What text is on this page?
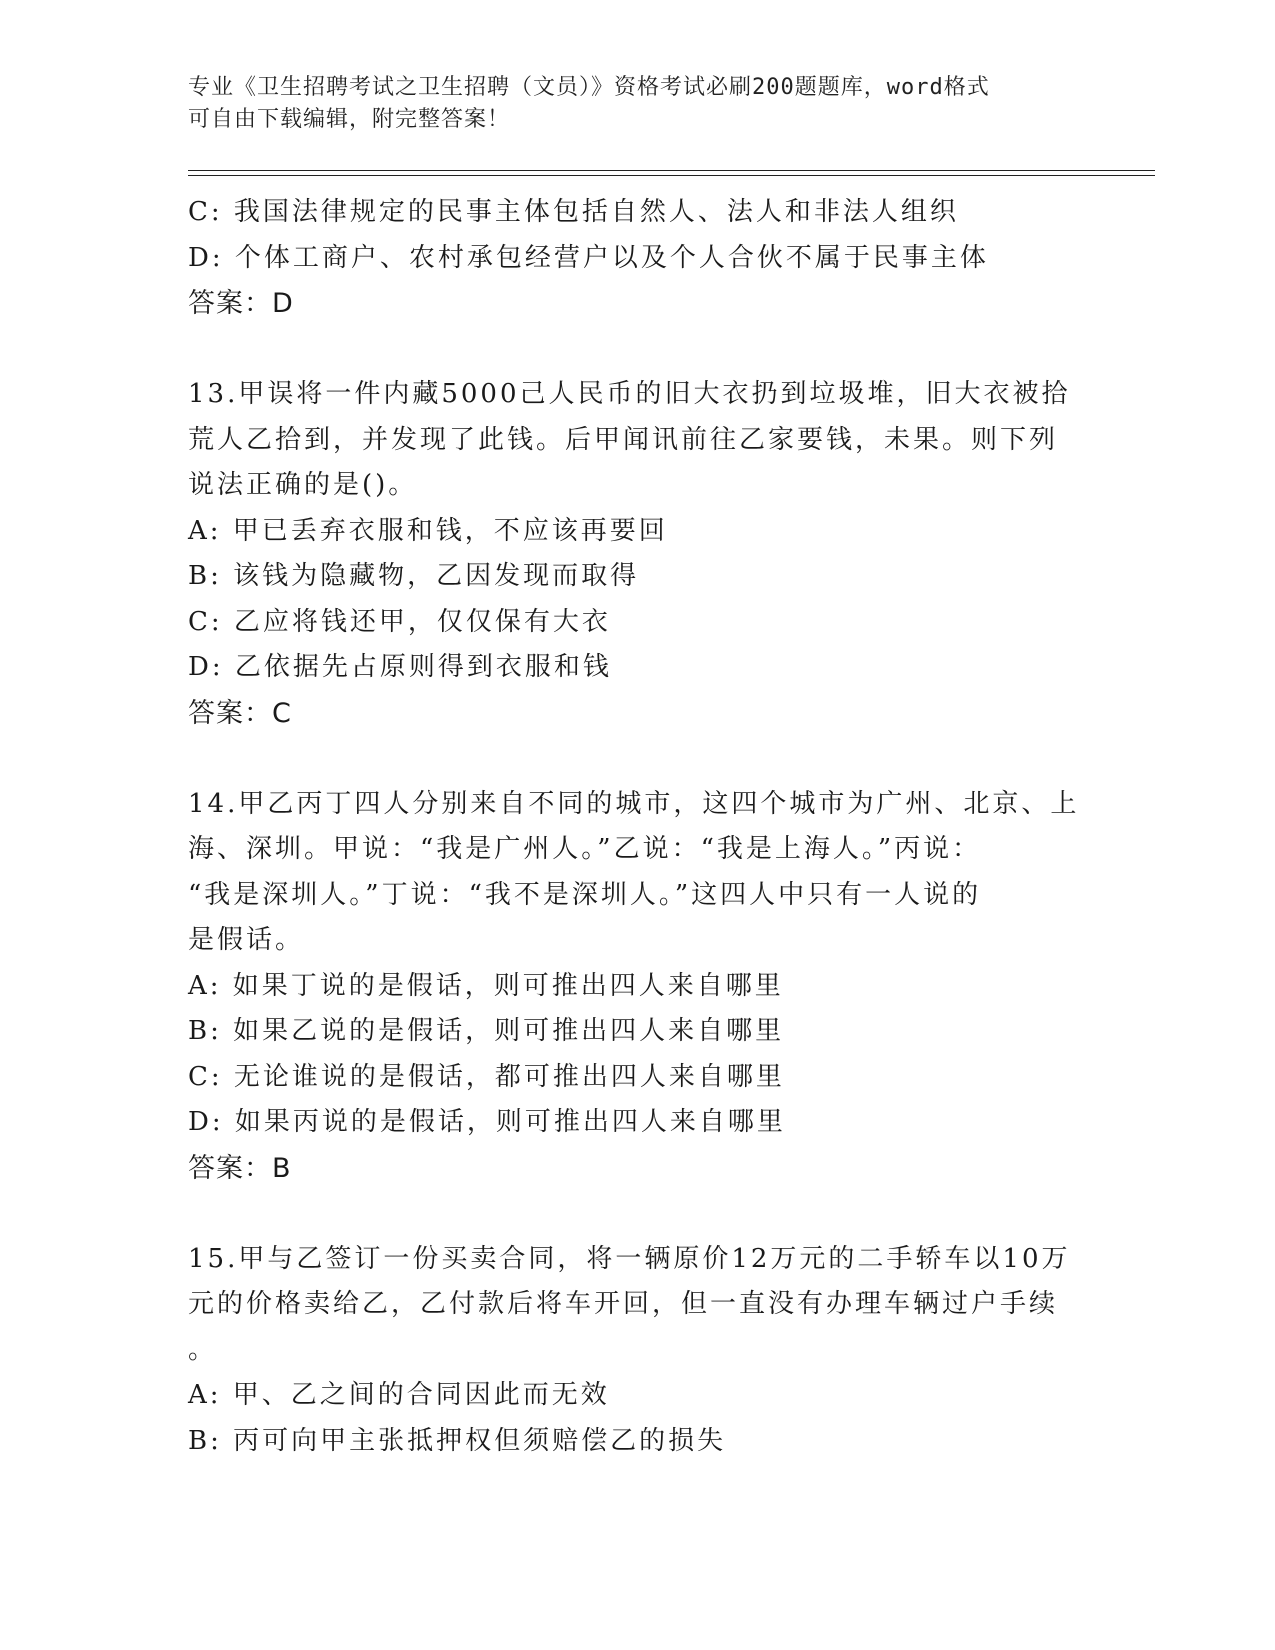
专业《卫生招聘考试之卫生招聘（文员）》资格考试必刷200题题库，word格式
可自由下载编辑，附完整答案！
C: 我国法律规定的民事主体包括自然人、法人和非法人组织
D: 个体工商户、农村承包经营户以及个人合伙不属于民事主体
答案：D
13.甲误将一件内藏5000己人民币的旧大衣扔到垃圾堆，旧大衣被拾
荒人乙拾到，并发现了此钱。后甲闻讯前往乙家要钱，未果。则下列
说法正确的是()。
A: 甲已丢弃衣服和钱，不应该再要回
B: 该钱为隐藏物，乙因发现而取得
C: 乙应将钱还甲，仅仅保有大衣
D: 乙依据先占原则得到衣服和钱
答案：C
14.甲乙丙丁四人分别来自不同的城市，这四个城市为广州、北京、上
海、深圳。甲说：“我是广州人。”乙说：“我是上海人。”丙说：
“我是深圳人。”丁说：“我不是深圳人。”这四人中只有一人说的
是假话。
A: 如果丁说的是假话，则可推出四人来自哪里
B: 如果乙说的是假话，则可推出四人来自哪里
C: 无论谁说的是假话，都可推出四人来自哪里
D: 如果丙说的是假话，则可推出四人来自哪里
答案：B
15.甲与乙签订一份买卖合同，将一辆原价12万元的二手轿车以10万
元的价格卖给乙，乙付款后将车开回，但一直没有办理车辆过户手续
。
A: 甲、乙之间的合同因此而无效
B: 丙可向甲主张抵押权但须赔偿乙的损失
